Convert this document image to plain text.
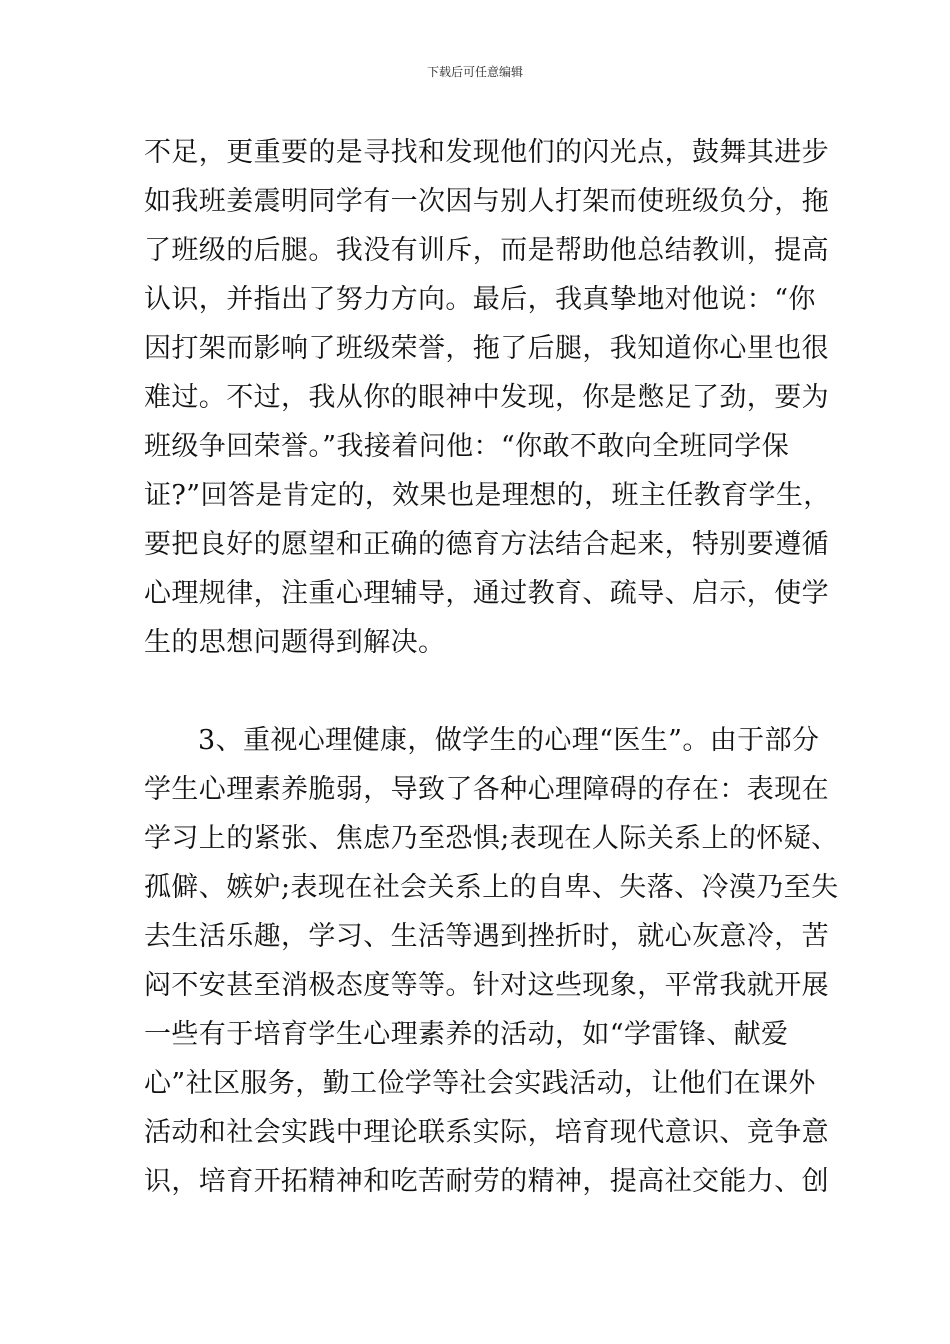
下载后可任意编辑
不足，更重要的是寻找和发现他们的闪光点，鼓舞其进步
如我班姜震明同学有一次因与别人打架而使班级负分，拖
了班级的后腿。我没有训斥，而是帮助他总结教训，提高
认识，并指出了努力方向。最后，我真挚地对他说：“你
因打架而影响了班级荣誉，拖了后腿，我知道你心里也很
难过。不过，我从你的眼神中发现，你是憋足了劲，要为
班级争回荣誉。”我接着问他：“你敢不敢向全班同学保
证?”回答是肯定的，效果也是理想的，班主任教育学生，
要把良好的愿望和正确的德育方法结合起来，特别要遵循
心理规律，注重心理辅导，通过教育、疏导、启示，使学
生的思想问题得到解决。
3、重视心理健康，做学生的心理“医生”。由于部分
学生心理素养脆弱，导致了各种心理障碍的存在：表现在
学习上的紧张、焦虑乃至恐惧;表现在人际关系上的怀疑、
孤僻、嫉妒;表现在社会关系上的自卑、失落、冷漠乃至失
去生活乐趣，学习、生活等遇到挫折时，就心灰意冷，苦
闷不安甚至消极态度等等。针对这些现象，平常我就开展
一些有于培育学生心理素养的活动，如“学雷锋、献爱
心”社区服务，勤工俭学等社会实践活动，让他们在课外
活动和社会实践中理论联系实际，培育现代意识、竞争意
识，培育开拓精神和吃苦耐劳的精神，提高社交能力、创
